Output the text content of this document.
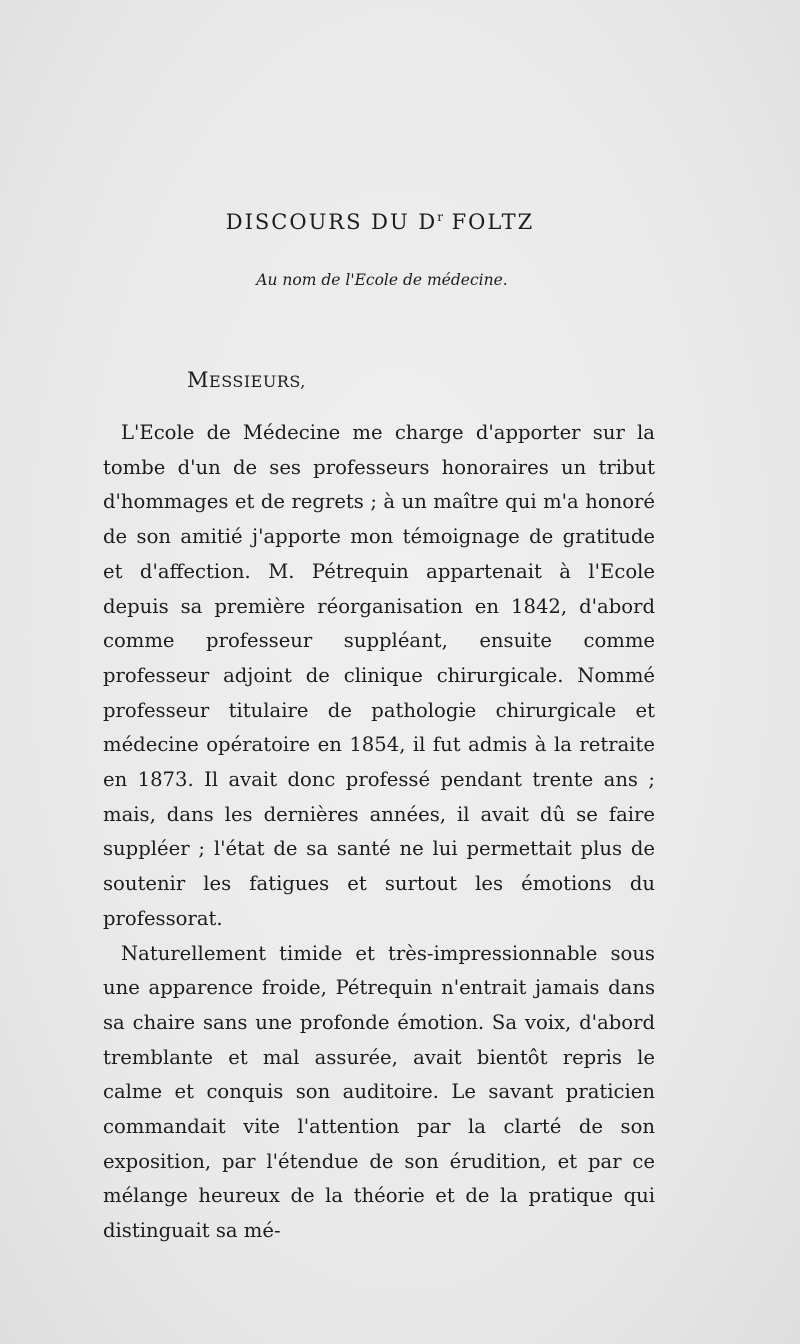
DISCOURS DU $D^r$ FOLTZ

Au nom de l'Ecole de médecine.

MESSIEURS,

L'Ecole de Médecine me charge d'apporter sur la tombe d'un de ses professeurs honoraires un tribut d'hommages et de regrets ; à un maître qui m'a honoré de son amitié j'apporte mon témoignage de gratitude et d'affection. M. Pétrequin appartenait à l'Ecole depuis sa première réorganisation en 1842, d'abord comme professeur suppléant, ensuite comme professeur adjoint de clinique chirurgicale. Nommé professeur titulaire de pathologie chirurgicale et médecine opératoire en 1854, il fut admis à la retraite en 1873. Il avait donc professé pendant trente ans ; mais, dans les dernières années, il avait dû se faire suppléer ; l'état de sa santé ne lui permettait plus de soutenir les fatigues et surtout les émotions du professorat.

Naturellement timide et très-impressionnable sous une apparence froide, Pétrequin n'entrait jamais dans sa chaire sans une profonde émotion. Sa voix, d'abord tremblante et mal assurée, avait bientôt repris le calme et conquis son auditoire. Le savant praticien commandait vite l'attention par la clarté de son exposition, par l'étendue de son érudition, et par ce mélange heureux de la théorie et de la pratique qui distinguait sa mé-
